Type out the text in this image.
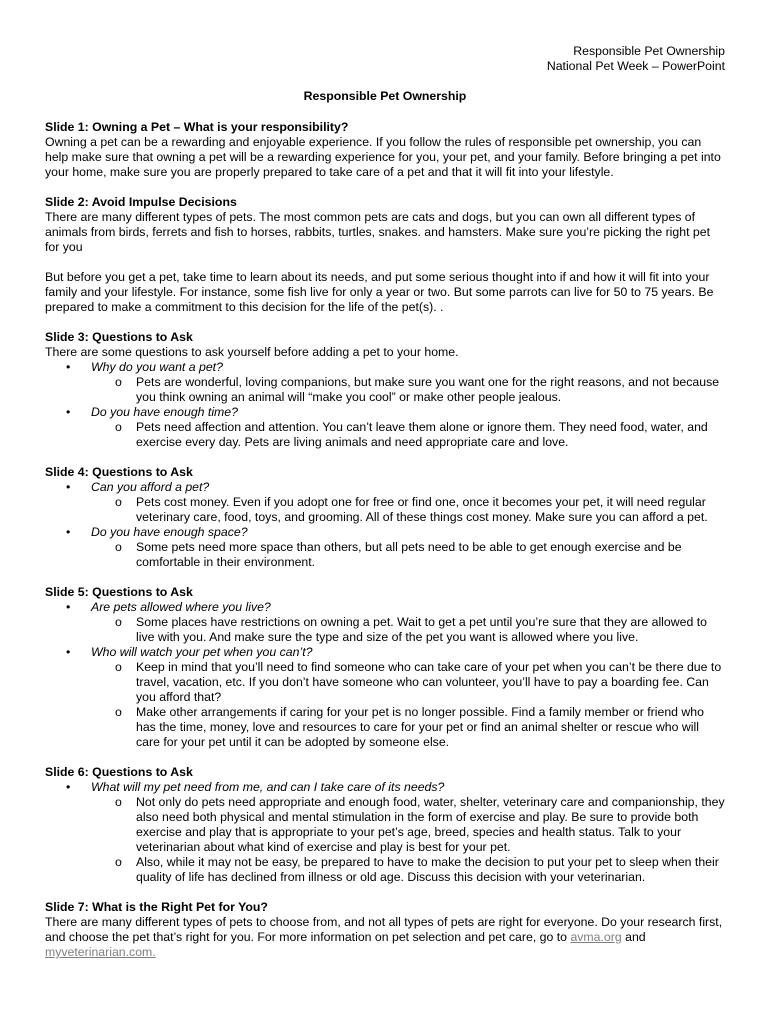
Responsible Pet Ownership
National Pet Week – PowerPoint
Responsible Pet Ownership
Slide 1: Owning a Pet – What is your responsibility?

Owning a pet can be a rewarding and enjoyable experience. If you follow the rules of responsible pet ownership, you can help make sure that owning a pet will be a rewarding experience for you, your pet, and your family. Before bringing a pet into your home, make sure you are properly prepared to take care of a pet and that it will fit into your lifestyle.

Slide 2: Avoid Impulse Decisions

There are many different types of pets. The most common pets are cats and dogs, but you can own all different types of animals from birds, ferrets and fish to horses, rabbits, turtles, snakes. and hamsters. Make sure you’re picking the right pet for you

But before you get a pet, take time to learn about its needs, and put some serious thought into if and how it will fit into your family and your lifestyle. For instance, some fish live for only a year or two. But some parrots can live for 50 to 75 years. Be prepared to make a commitment to this decision for the life of the pet(s). .

Slide 3: Questions to Ask

There are some questions to ask yourself before adding a pet to your home.

• Why do you want a pet?
o Pets are wonderful, loving companions, but make sure you want one for the right reasons, and not because you think owning an animal will “make you cool” or make other people jealous.
• Do you have enough time?
o Pets need affection and attention. You can’t leave them alone or ignore them. They need food, water, and exercise every day. Pets are living animals and need appropriate care and love.
Slide 4: Questions to Ask
• Can you afford a pet?
o Pets cost money. Even if you adopt one for free or find one, once it becomes your pet, it will need regular veterinary care, food, toys, and grooming. All of these things cost money. Make sure you can afford a pet.
• Do you have enough space?
o Some pets need more space than others, but all pets need to be able to get enough exercise and be comfortable in their environment.
Slide 5: Questions to Ask
• Are pets allowed where you live?
o Some places have restrictions on owning a pet. Wait to get a pet until you’re sure that they are allowed to live with you. And make sure the type and size of the pet you want is allowed where you live.
• Who will watch your pet when you can’t?
o Keep in mind that you’ll need to find someone who can take care of your pet when you can’t be there due to travel, vacation, etc. If you don’t have someone who can volunteer, you’ll have to pay a boarding fee. Can you afford that?
o Make other arrangements if caring for your pet is no longer possible. Find a family member or friend who has the time, money, love and resources to care for your pet or find an animal shelter or rescue who will care for your pet until it can be adopted by someone else.
Slide 6: Questions to Ask
• What will my pet need from me, and can I take care of its needs?
o Not only do pets need appropriate and enough food, water, shelter, veterinary care and companionship, they also need both physical and mental stimulation in the form of exercise and play. Be sure to provide both exercise and play that is appropriate to your pet’s age, breed, species and health status. Talk to your veterinarian about what kind of exercise and play is best for your pet.
o Also, while it may not be easy, be prepared to have to make the decision to put your pet to sleep when their quality of life has declined from illness or old age. Discuss this decision with your veterinarian.
Slide 7: What is the Right Pet for You?

There are many different types of pets to choose from, and not all types of pets are right for everyone. Do your research first, and choose the pet that’s right for you. For more information on pet selection and pet care, go to avma.org and myveterinarian.com.
